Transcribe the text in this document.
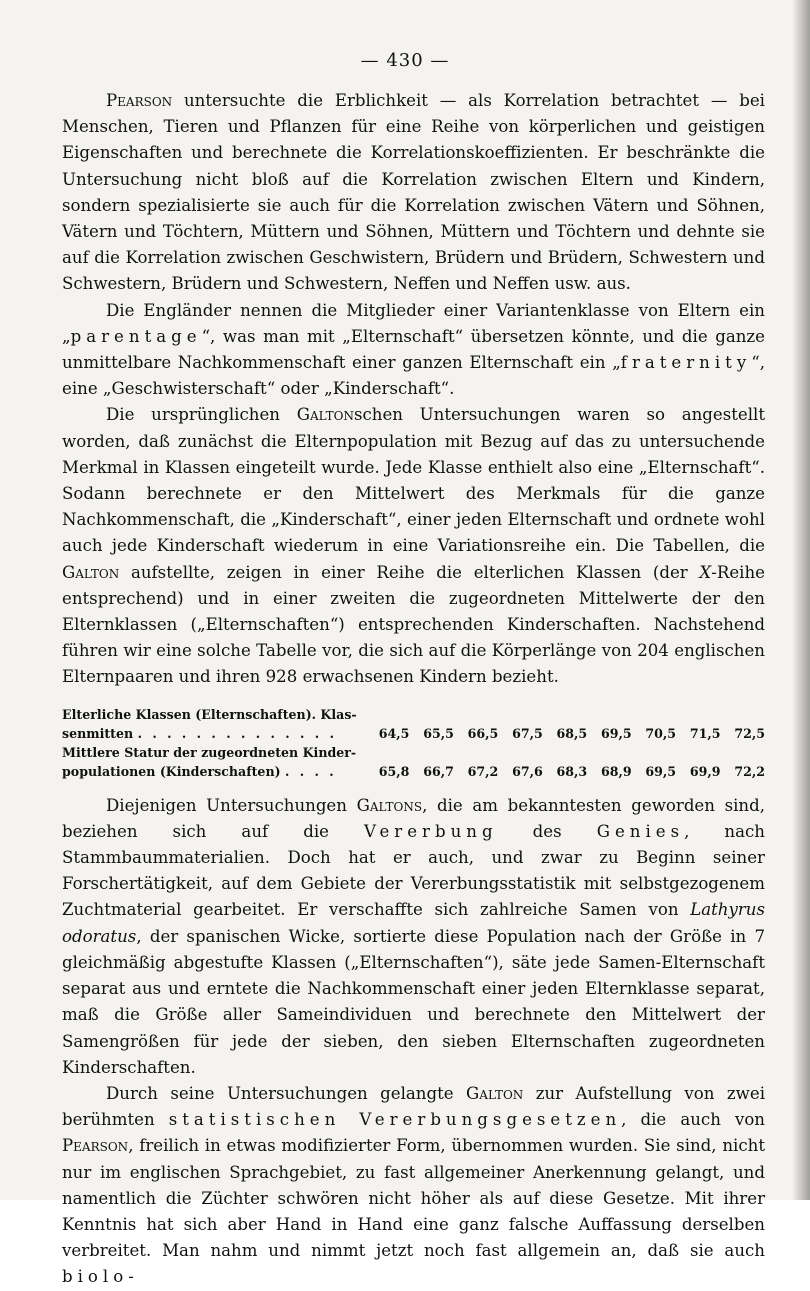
— 430 —

Pearson untersuchte die Erblichkeit — als Korrelation betrachtet — bei Menschen, Tieren und Pflanzen für eine Reihe von körperlichen und geistigen Eigenschaften und berechnete die Korrelationskoeffizienten. Er beschränkte die Untersuchung nicht bloß auf die Korrelation zwischen Eltern und Kindern, sondern spezialisierte sie auch für die Korrelation zwischen Vätern und Söhnen, Vätern und Töchtern, Müttern und Söhnen, Müttern und Töchtern und dehnte sie auf die Korrelation zwischen Geschwistern, Brüdern und Brüdern, Schwestern und Schwestern, Brüdern und Schwestern, Neffen und Neffen usw. aus.

Die Engländer nennen die Mitglieder einer Variantenklasse von Eltern ein „parentage“, was man mit „Elternschaft“ übersetzen könnte, und die ganze unmittelbare Nachkommenschaft einer ganzen Elternschaft ein „fraternity“, eine „Geschwisterschaft“ oder „Kinderschaft“.

Die ursprünglichen Galtonschen Untersuchungen waren so angestellt worden, daß zunächst die Elternpopulation mit Bezug auf das zu untersuchende Merkmal in Klassen eingeteilt wurde. Jede Klasse enthielt also eine „Elternschaft“. Sodann berechnete er den Mittelwert des Merkmals für die ganze Nachkommenschaft, die „Kinderschaft“, einer jeden Elternschaft und ordnete wohl auch jede Kinderschaft wiederum in eine Variationsreihe ein. Die Tabellen, die Galton aufstellte, zeigen in einer Reihe die elterlichen Klassen (der X-Reihe entsprechend) und in einer zweiten die zugeordneten Mittelwerte der den Elternklassen („Elternschaften“) entsprechenden Kinderschaften. Nachstehend führen wir eine solche Tabelle vor, die sich auf die Körperlänge von 204 englischen Elternpaaren und ihren 928 erwachsenen Kindern bezieht.

Elterliche Klassen (Elternschaften). Klas-									
senmitten . . . . . . . . . . . . . .	64,5	65,5	66,5	67,5	68,5	69,5	70,5	71,5	72,5
Mittlere Statur der zugeordneten Kinder-									
populationen (Kinderschaften) . . . .	65,8	66,7	67,2	67,6	68,3	68,9	69,5	69,9	72,2

Diejenigen Untersuchungen Galtons, die am bekanntesten geworden sind, beziehen sich auf die Vererbung des Genies, nach Stammbaummaterialien. Doch hat er auch, und zwar zu Beginn seiner Forschertätigkeit, auf dem Gebiete der Vererbungsstatistik mit selbstgezogenem Zuchtmaterial gearbeitet. Er verschaffte sich zahlreiche Samen von Lathyrus odoratus, der spanischen Wicke, sortierte diese Population nach der Größe in 7 gleichmäßig abgestufte Klassen („Elternschaften“), säte jede Samen-Elternschaft separat aus und erntete die Nachkommenschaft einer jeden Elternklasse separat, maß die Größe aller Sameindividuen und berechnete den Mittelwert der Samengrößen für jede der sieben, den sieben Elternschaften zugeordneten Kinderschaften.

Durch seine Untersuchungen gelangte Galton zur Aufstellung von zwei berühmten statistischen Vererbungsgesetzen, die auch von Pearson, freilich in etwas modifizierter Form, übernommen wurden. Sie sind, nicht nur im englischen Sprachgebiet, zu fast allgemeiner Anerkennung gelangt, und namentlich die Züchter schwören nicht höher als auf diese Gesetze. Mit ihrer Kenntnis hat sich aber Hand in Hand eine ganz falsche Auffassung derselben verbreitet. Man nahm und nimmt jetzt noch fast allgemein an, daß sie auch biolo-
